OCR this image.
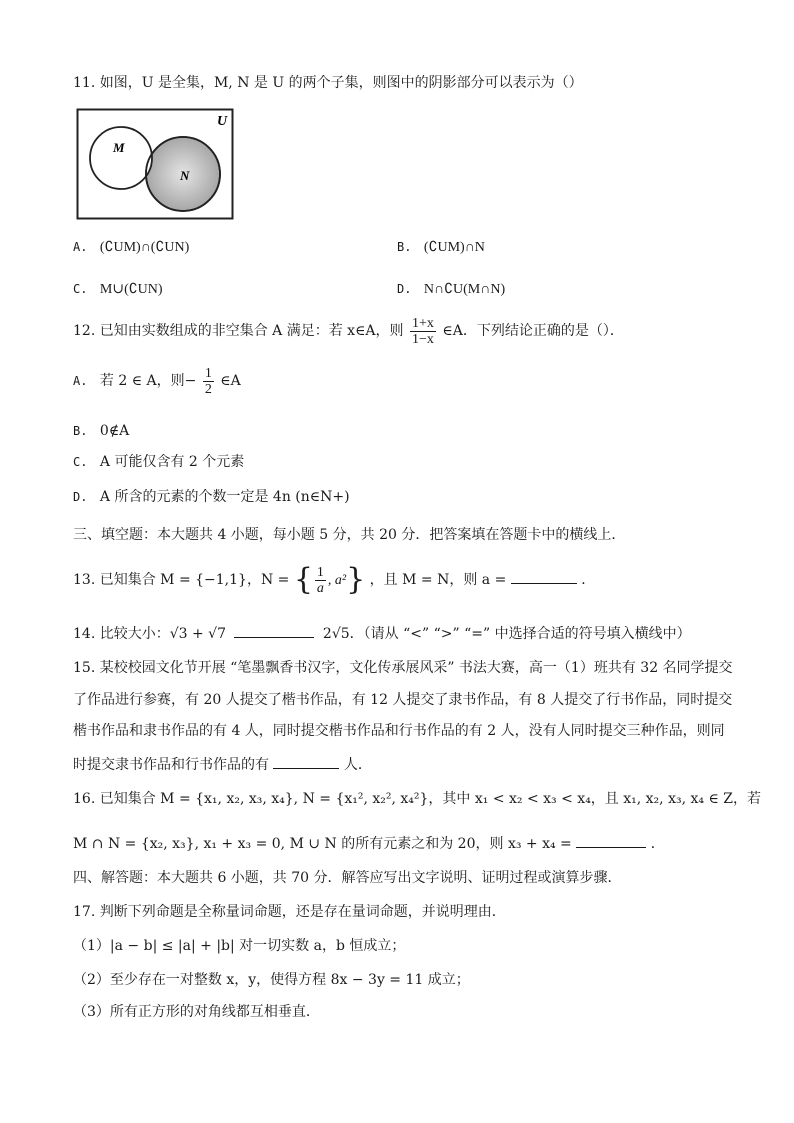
11. 如图，U 是全集，M, N 是 U 的两个子集，则图中的阴影部分可以表示为（）
U
M
N
A. (∁UM)∩(∁UN)	B. (∁UM)∩N
C. M∪(∁UN)	D. N∩∁U(M∩N)
12. 已知由实数组成的非空集合 A 满足：若 x∈A，则 $\frac{1+x}{1-x}$ ∈A．下列结论正确的是（）．
A. 若 2 ∈ A，则− $\frac{1}{2}$ ∈A
B. 0∉A
C. A 可能仅含有 2 个元素
D. A 所含的元素的个数一定是 4n (n∈N+)
三、填空题：本大题共 4 小题，每小题 5 分，共 20 分．把答案填在答题卡中的横线上．
13. 已知集合 M = {−1,1}，N = { $\frac{1}{a}$ , a²} ，且 M = N，则 a =	．
14. 比较大小：√3 + √7	2√5．（请从 “<” “>” “=” 中选择合适的符号填入横线中）
15. 某校校园文化节开展 “笔墨飘香书汉字，文化传承展风采” 书法大赛，高一（1）班共有 32 名同学提交
了作品进行参赛，有 20 人提交了楷书作品，有 12 人提交了隶书作品，有 8 人提交了行书作品，同时提交
楷书作品和隶书作品的有 4 人，同时提交楷书作品和行书作品的有 2 人，没有人同时提交三种作品，则同
时提交隶书作品和行书作品的有	人．
16. 已知集合 M = {x₁, x₂, x₃, x₄}, N = {x₁², x₂², x₄²}，其中 x₁ < x₂ < x₃ < x₄，且 x₁, x₂, x₃, x₄ ∈ Z，若
M ∩ N = {x₂, x₃}, x₁ + x₃ = 0, M ∪ N 的所有元素之和为 20，则 x₃ + x₄ =	．
四、解答题：本大题共 6 小题，共 70 分．解答应写出文字说明、证明过程或演算步骤．
17. 判断下列命题是全称量词命题，还是存在量词命题，并说明理由．
（1）|a − b| ≤ |a| + |b| 对一切实数 a，b 恒成立；
（2）至少存在一对整数 x，y，使得方程 8x − 3y = 11 成立；
（3）所有正方形的对角线都互相垂直．
